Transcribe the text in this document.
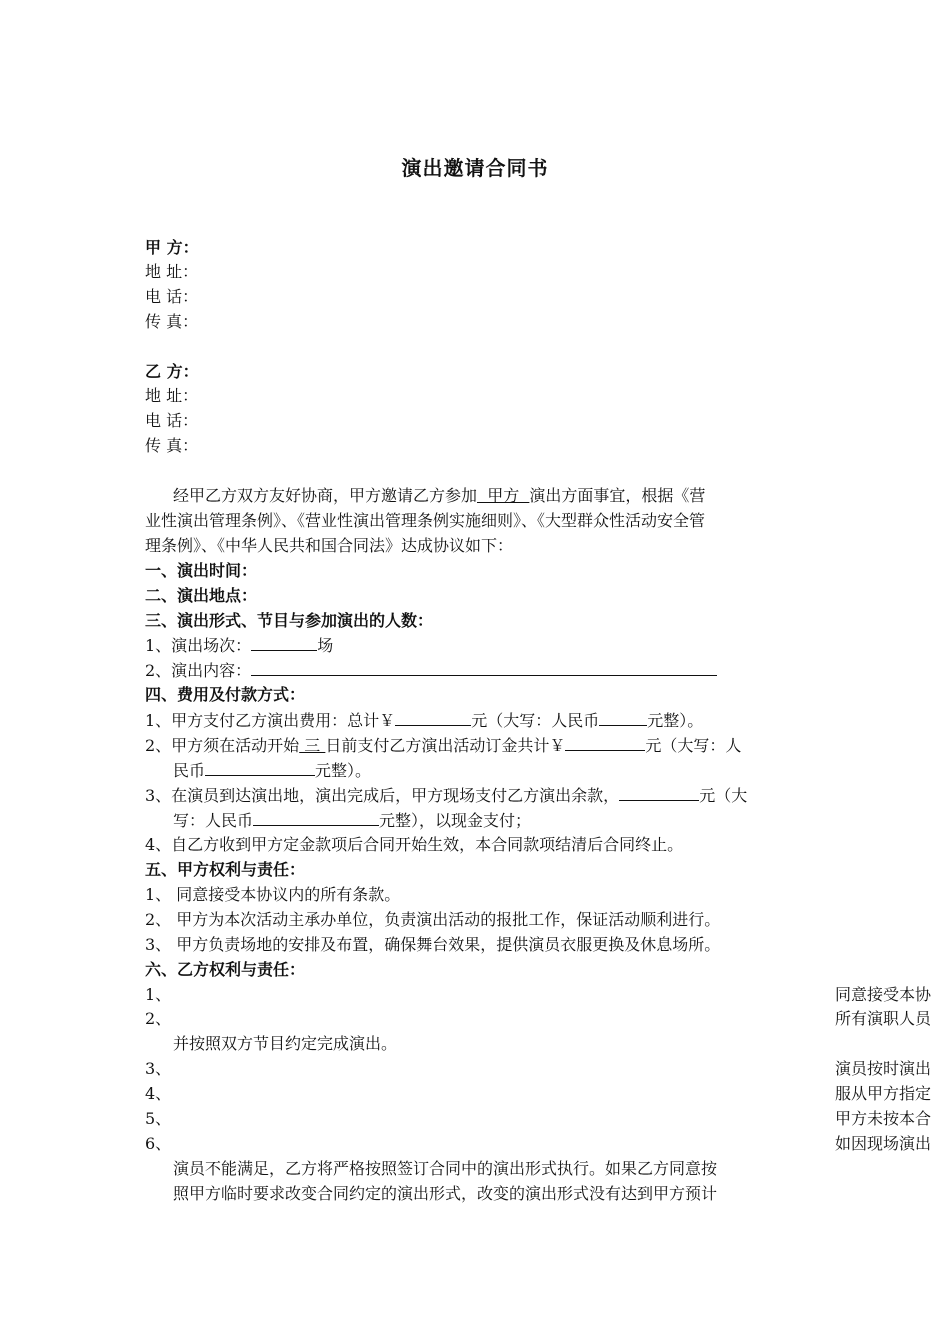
演出邀请合同书
甲 方：
地 址：
电 话：
传 真：
乙 方：
地 址：
电 话：
传 真：
经甲乙方双方友好协商，甲方邀请乙方参加  甲方  演出方面事宜，根据《营
业性演出管理条例》、《营业性演出管理条例实施细则》、《大型群众性活动安全管
理条例》、《中华人民共和国合同法》达成协议如下：
一、演出时间：
二、演出地点：
三、演出形式、节目与参加演出的人数：
1、演出场次：	场
2、演出内容：
四、费用及付款方式：
1、甲方支付乙方演出费用：总计￥	元（大写：人民币	元整）。
2、甲方须在活动开始 三 日前支付乙方演出活动订金共计￥	元（大写：人
民币	元整）。
3、在演员到达演出地，演出完成后，甲方现场支付乙方演出余款，	元（大
写：人民币	元整），以现金支付；
4、自乙方收到甲方定金款项后合同开始生效，本合同款项结清后合同终止。
五、甲方权利与责任：
1、 同意接受本协议内的所有条款。
2、 甲方为本次活动主承办单位，负责演出活动的报批工作，保证活动顺利进行。
3、 甲方负责场地的安排及布置，确保舞台效果，提供演员衣服更换及休息场所。
六、乙方权利与责任：
1、	同意接受本协
2、	所有演职人员
并按照双方节目约定完成演出。
3、	演员按时演出
4、	服从甲方指定
5、	甲方未按本合
6、	如因现场演出
演员不能满足，乙方将严格按照签订合同中的演出形式执行。如果乙方同意按
照甲方临时要求改变合同约定的演出形式，改变的演出形式没有达到甲方预计
